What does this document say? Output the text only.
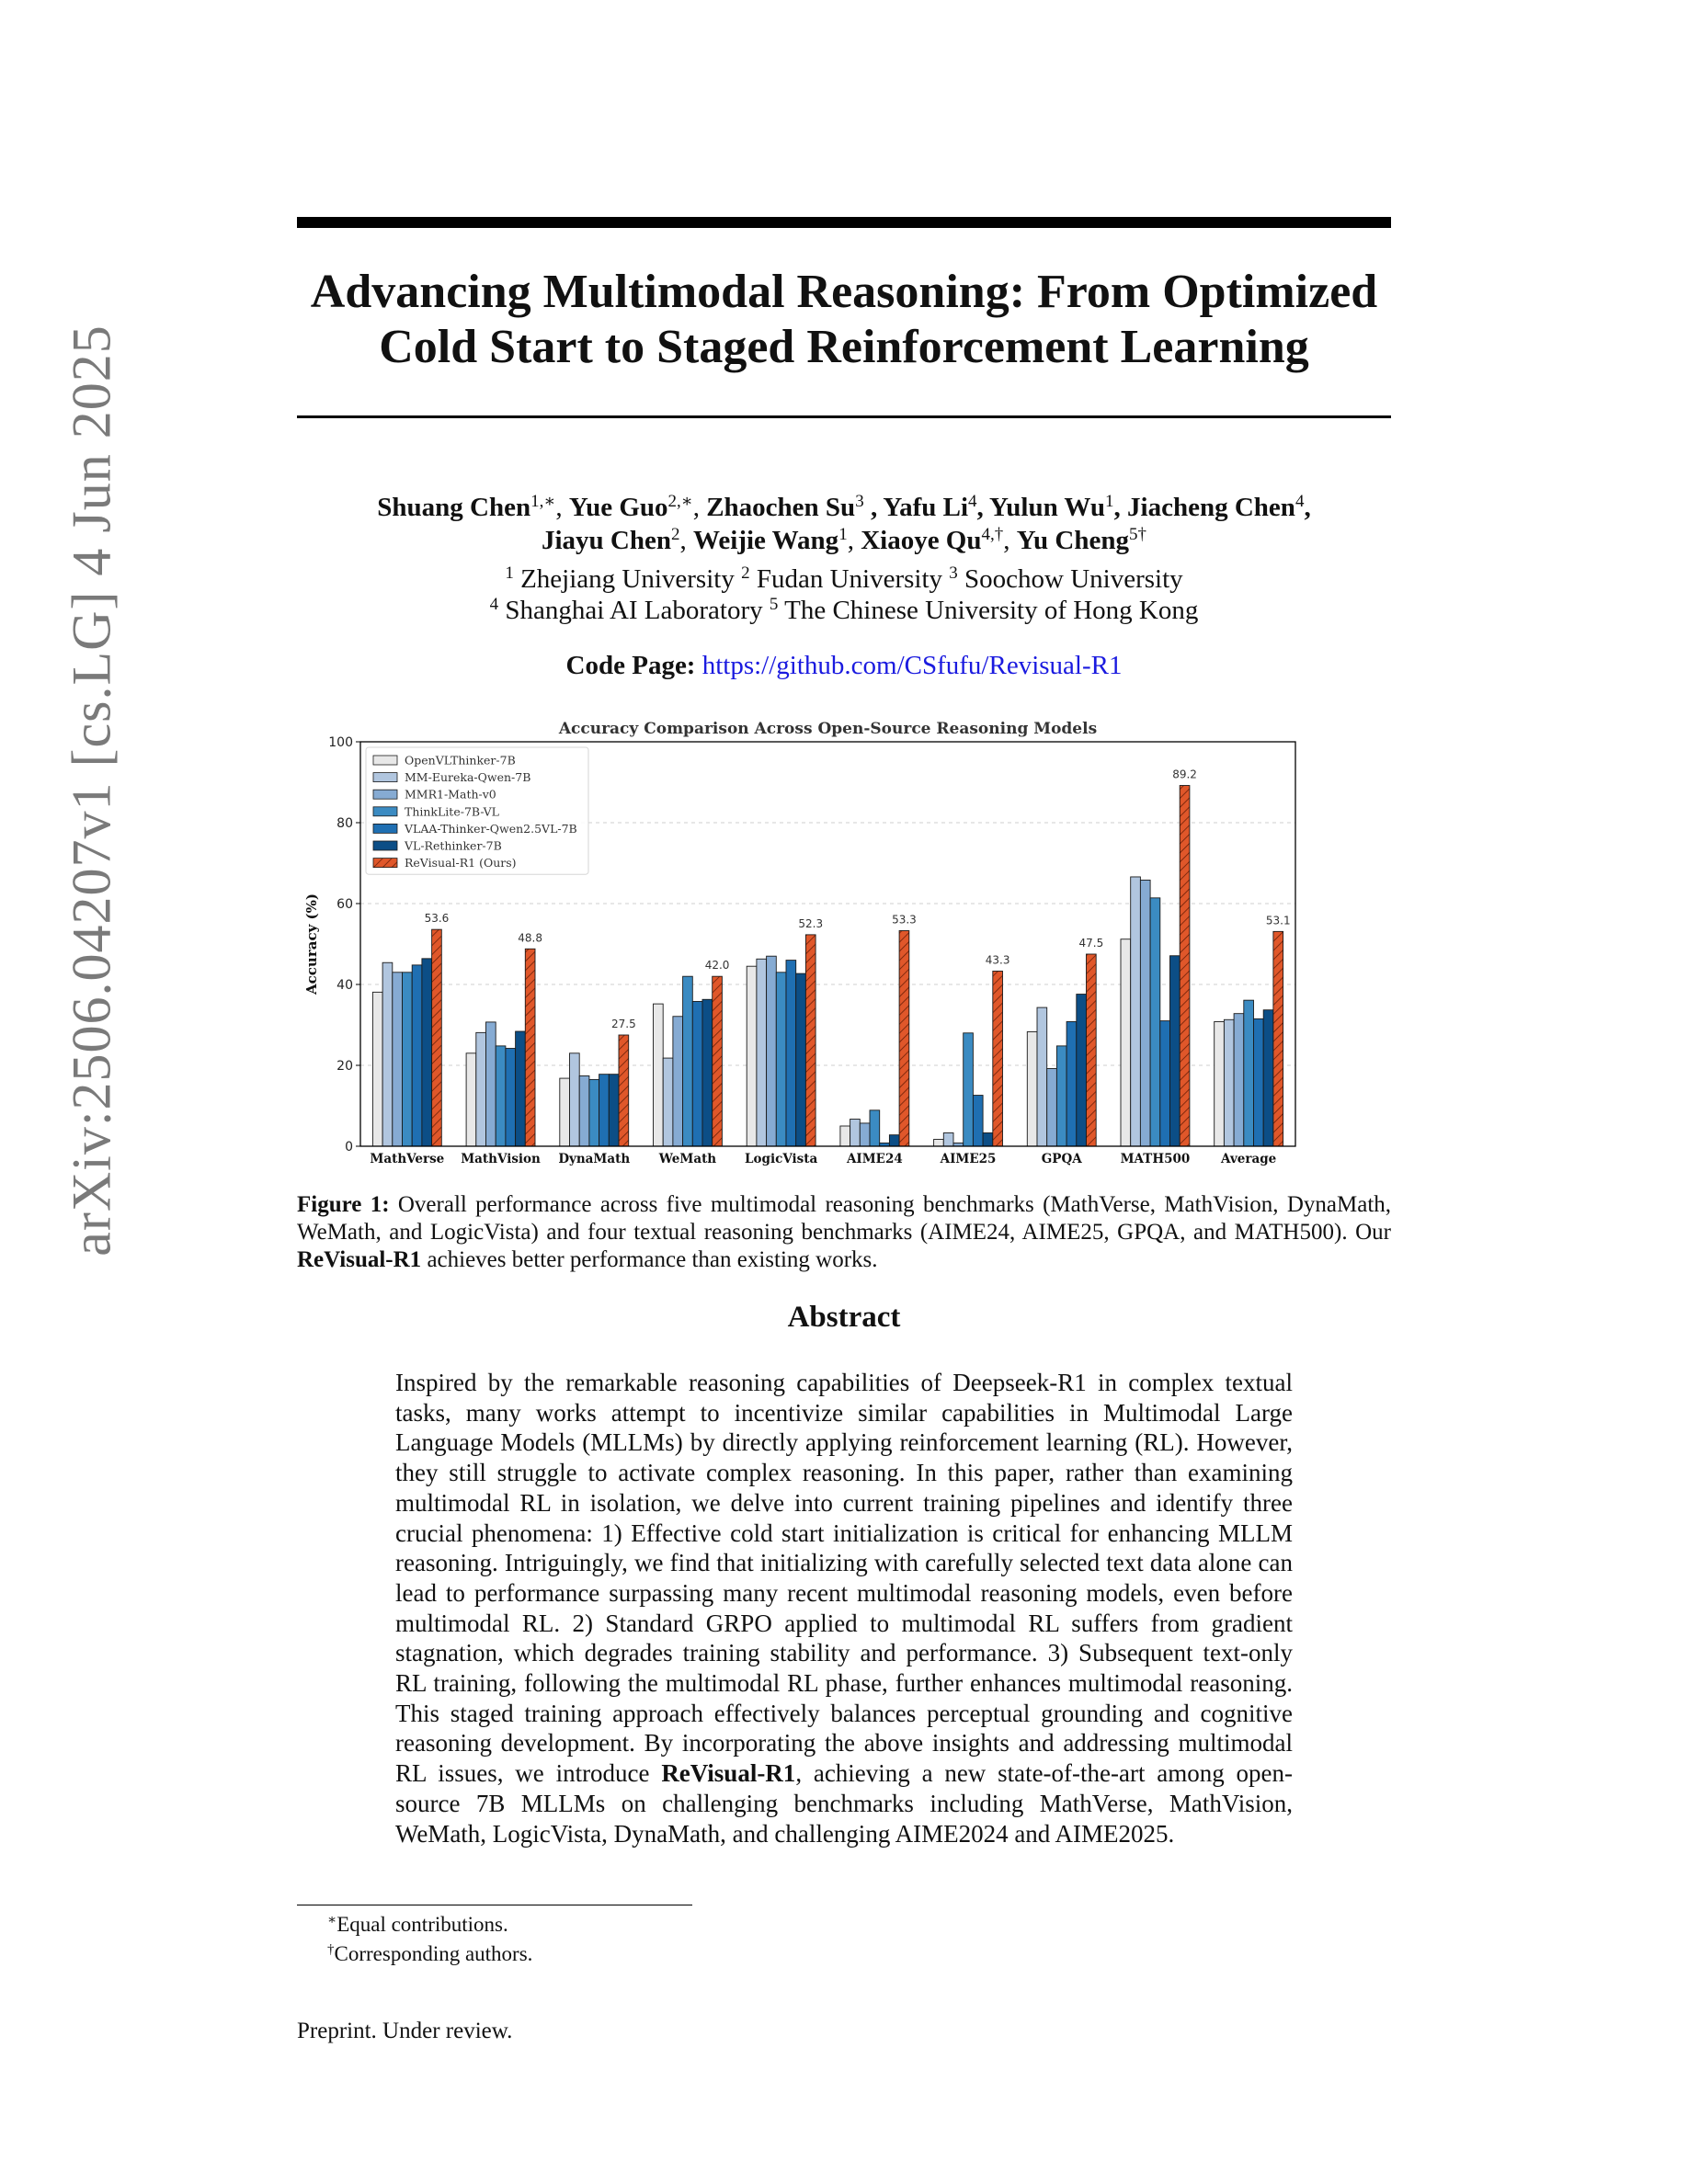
arXiv:2506.04207v1 [cs.LG] 4 Jun 2025
Advancing Multimodal Reasoning: From Optimized
Cold Start to Staged Reinforcement Learning
Shuang Chen$^{1,∗}$, Yue Guo$^{2,∗}$, Zhaochen Su$^3$ , Yafu Li$^4$, Yulun Wu$^1$, Jiacheng Chen$^4$,
Jiayu Chen$^2$, Weijie Wang$^1$, Xiaoye $Qu^{4,\dagger}$, Yu Cheng$^{5\dagger}$
$^1$ Zhejiang University $^2$ Fudan University $^3$ Soochow University
$^4$ Shanghai AI Laboratory $^5$ The Chinese University of Hong Kong
Code Page: https://github.com/CSfufu/Revisual-R1
Accuracy Comparison Across Open-Source Reasoning Models
0
20
40
60
80
100
Accuracy (%)	53.6
MathVerse
48.8
MathVision
27.5
DynaMath
42.0
WeMath
52.3
LogicVista
53.3
AIME24
43.3
AIME25
47.5
GPQA
89.2
MATH500
53.1
Average
OpenVLThinker-7B
MM-Eureka-Qwen-7B
MMR1-Math-v0
ThinkLite-7B-VL
VLAA-Thinker-Qwen2.5VL-7B
VL-Rethinker-7B
ReVisual-R1 (Ours)
Figure 1: Overall performance across five multimodal reasoning benchmarks (MathVerse, MathVision, DynaMath, WeMath, and LogicVista) and four textual reasoning benchmarks (AIME24, AIME25, GPQA, and MATH500). Our ReVisual-R1 achieves better performance than existing works.
Abstract
Inspired by the remarkable reasoning capabilities of Deepseek-R1 in complex textual tasks, many works attempt to incentivize similar capabilities in Multimodal Large Language Models (MLLMs) by directly applying reinforcement learning (RL). However, they still struggle to activate complex reasoning. In this paper, rather than examining multimodal RL in isolation, we delve into current training pipelines and identify three crucial phenomena: 1) Effective cold start initialization is critical for enhancing MLLM reasoning. Intriguingly, we find that initializing with carefully selected text data alone can lead to performance surpassing many recent multimodal reasoning models, even before multimodal RL. 2) Standard GRPO applied to multimodal RL suffers from gradient stagnation, which degrades training stability and performance. 3) Subsequent text-only RL training, following the multimodal RL phase, further enhances multimodal reasoning. This staged training approach effectively balances perceptual grounding and cognitive reasoning development. By incorporating the above insights and addressing multimodal RL issues, we introduce ReVisual-R1, achieving a new state-of-the-art among open-source 7B MLLMs on challenging benchmarks including MathVerse, MathVision, WeMath, LogicVista, DynaMath, and challenging AIME2024 and AIME2025.
∗Equal contributions.
†Corresponding authors.
Preprint. Under review.
